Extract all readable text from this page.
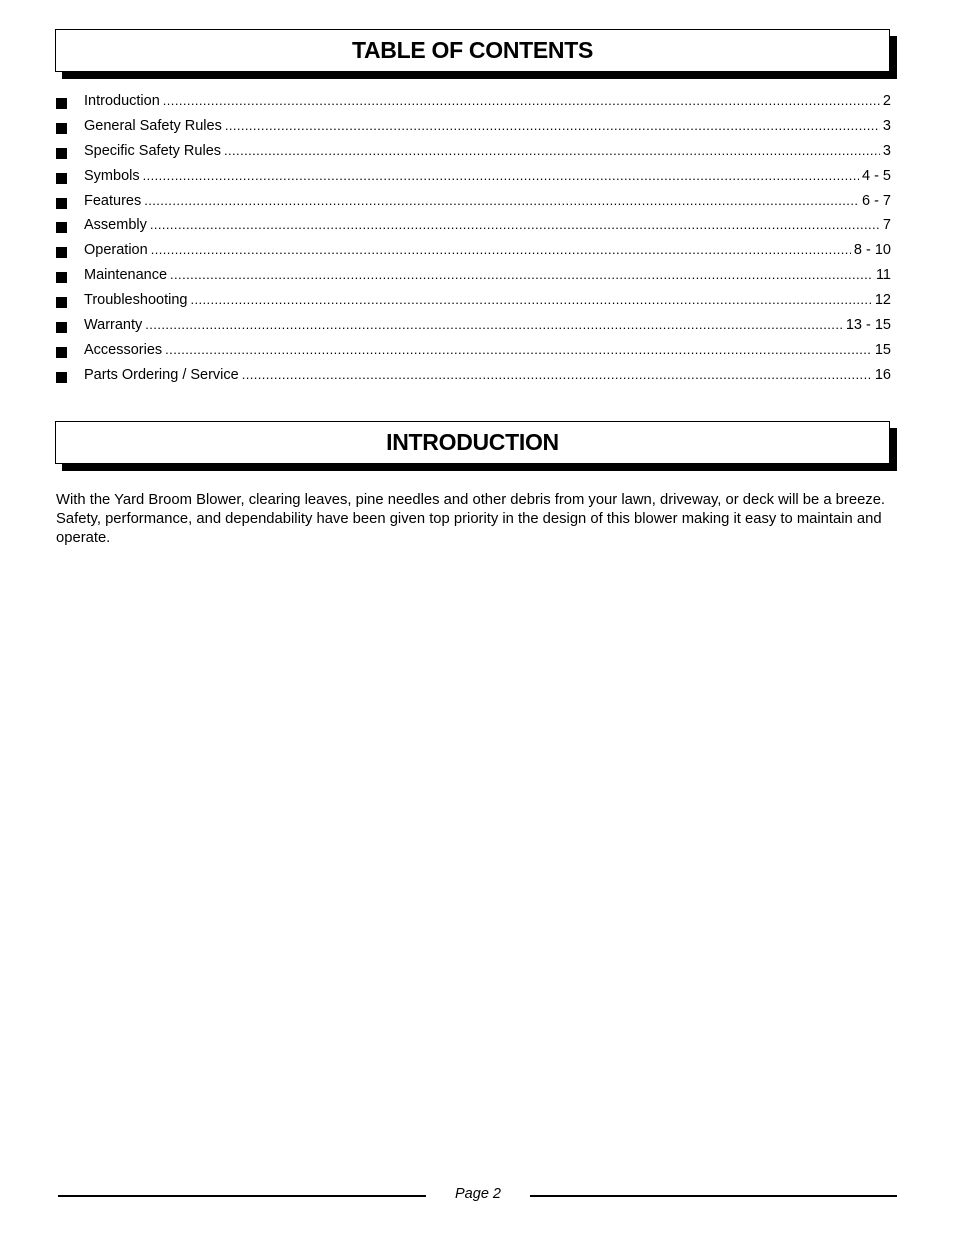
TABLE OF CONTENTS
Introduction .....	2
General Safety Rules .....	3
Specific Safety Rules .....	3
Symbols .....	4 - 5
Features .....	6 - 7
Assembly .....	7
Operation .....	8 - 10
Maintenance .....	11
Troubleshooting .....	12
Warranty .....	13 - 15
Accessories .....	15
Parts Ordering / Service .....	16
INTRODUCTION

With the Yard Broom Blower, clearing leaves, pine needles and other debris from your lawn, driveway, or deck will be a breeze. Safety, performance, and dependability have been given top priority in the design of this blower making it easy to maintain and operate.

Page 2
